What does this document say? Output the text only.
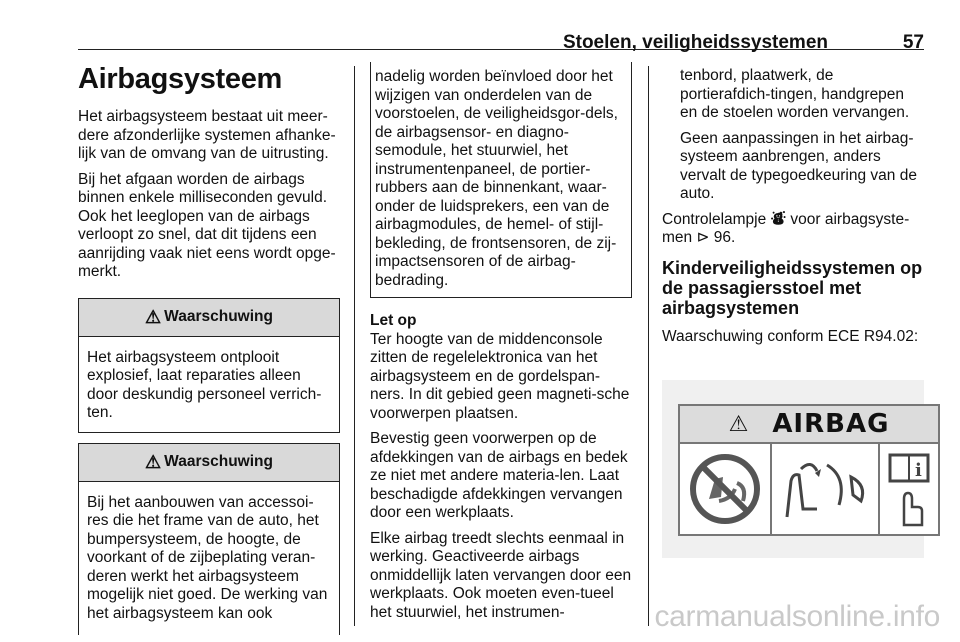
Stoelen, veiligheidssystemen	57
Airbagsysteem

Het airbagsysteem bestaat uit meer-dere afzonderlijke systemen afhanke-lijk van de omvang van de uitrusting.

Bij het afgaan worden de airbags binnen enkele milliseconden gevuld. Ook het leeglopen van de airbags verloopt zo snel, dat dit tijdens een aanrijding vaak niet eens wordt opge-merkt.

⚠ Waarschuwing
Het airbagsysteem ontplooit explosief, laat reparaties alleen door deskundig personeel verrich-ten.
⚠ Waarschuwing
Bij het aanbouwen van accessoi-res die het frame van de auto, het bumpersysteem, de hoogte, de voorkant of de zijbeplating veran-deren werkt het airbagsysteem mogelijk niet goed. De werking van het airbagsysteem kan ook
nadelig worden beïnvloed door het wijzigen van onderdelen van de voorstoelen, de veiligheidsgor-dels, de airbagsensor- en diagno-semodule, het stuurwiel, het instrumentenpaneel, de portier-rubbers aan de binnenkant, waar-onder de luidsprekers, een van de airbagmodules, de hemel- of stijl-bekleding, de frontsensoren, de zij-impactsensoren of de airbag-bedrading.
Let op

Ter hoogte van de middenconsole zitten de regelelektronica van het airbagsysteem en de gordelspan-ners. In dit gebied geen magneti-sche voorwerpen plaatsen.

Bevestig geen voorwerpen op de afdekkingen van de airbags en bedek ze niet met andere materia-len. Laat beschadigde afdekkingen vervangen door een werkplaats.

Elke airbag treedt slechts eenmaal in werking. Geactiveerde airbags onmiddellijk laten vervangen door een werkplaats. Ook moeten even-tueel het stuurwiel, het instrumen-

tenbord, plaatwerk, de portierafdich-tingen, handgrepen en de stoelen worden vervangen.

Geen aanpassingen in het airbag-systeem aanbrengen, anders vervalt de typegoedkeuring van de auto.

Controlelampje ⛇ voor airbagsyste-men ⊳ 96.

Kinderveiligheidssystemen op de passagiersstoel met airbagsystemen

Waarschuwing conform ECE R94.02:

⚠ AIRBAG
i
carmanualsonline.info
